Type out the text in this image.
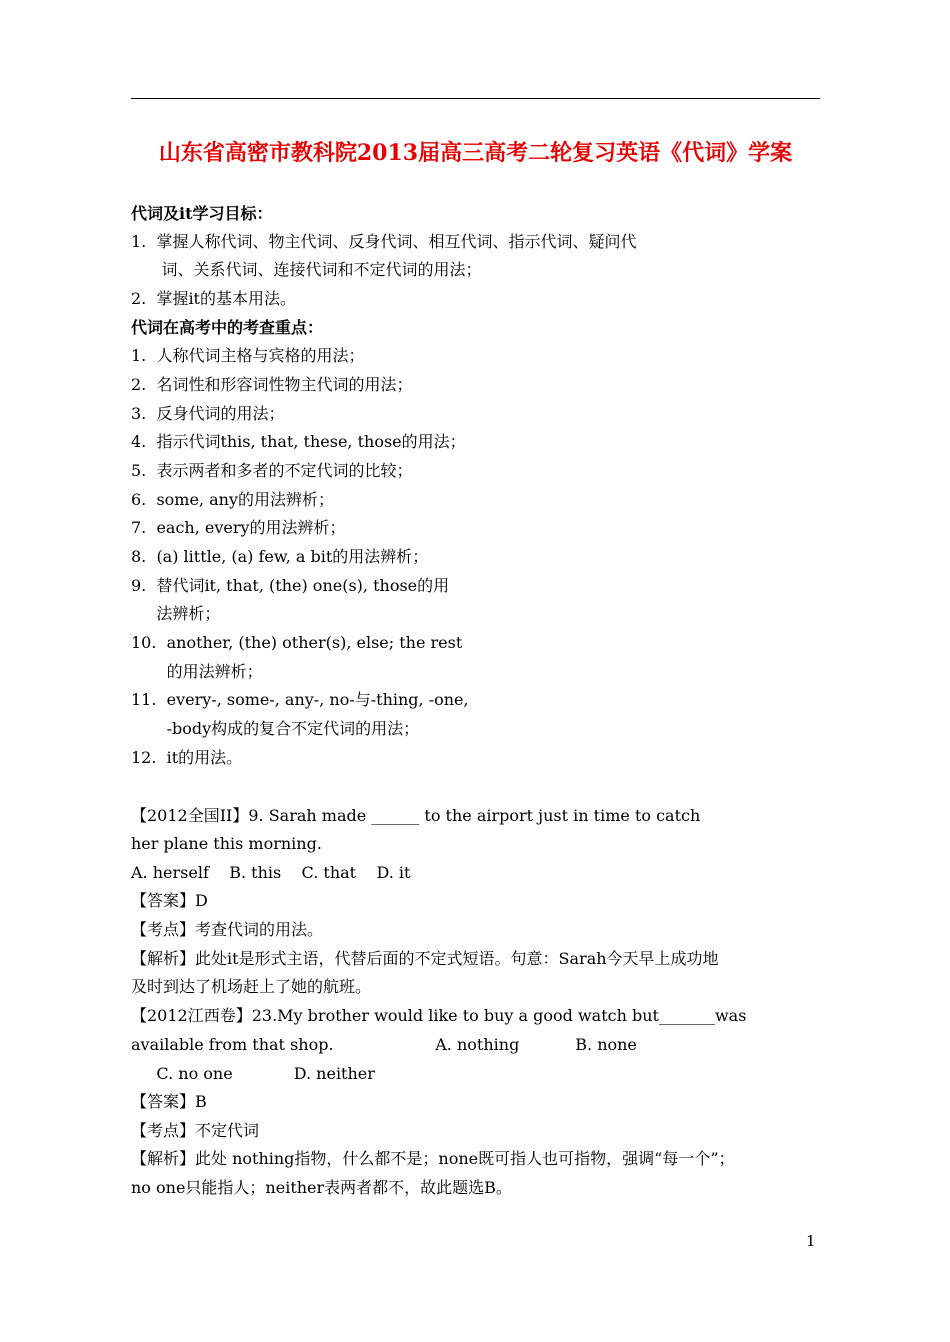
山东省高密市教科院2013届高三高考二轮复习英语《代词》学案
代词及it学习目标：
1.  掌握人称代词、物主代词、反身代词、相互代词、指示代词、疑问代
词、关系代词、连接代词和不定代词的用法；
2.  掌握it的基本用法。
代词在高考中的考查重点：
1.  人称代词主格与宾格的用法；
2.  名词性和形容词性物主代词的用法；
3.  反身代词的用法；
4.  指示代词this, that, these, those的用法；
5.  表示两者和多者的不定代词的比较；
6.  some, any的用法辨析；
7.  each, every的用法辨析；
8.  (a) little, (a) few, a bit的用法辨析；
9.  替代词it, that, (the) one(s), those的用
法辨析；
10.  another, (the) other(s), else; the rest
的用法辨析；
11.  every-, some-, any-, no-与-thing, -one,
-body构成的复合不定代词的用法；
12.  it的用法。
【2012全国II】9. Sarah made ______ to the airport just in time to catch
her plane this morning.
A. herself    B. this    C. that    D. it
【答案】D
【考点】考查代词的用法。
【解析】此处it是形式主语，代替后面的不定式短语。句意：Sarah今天早上成功地
及时到达了机场赶上了她的航班。
【2012江西卷】23.My brother would like to buy a good watch but_______was
available from that shop.                    A. nothing           B. none
C. no one            D. neither
【答案】B
【考点】不定代词
【解析】此处 nothing指物，什么都不是；none既可指人也可指物，强调“每一个”；
no one只能指人；neither表两者都不，故此题选B。
1
